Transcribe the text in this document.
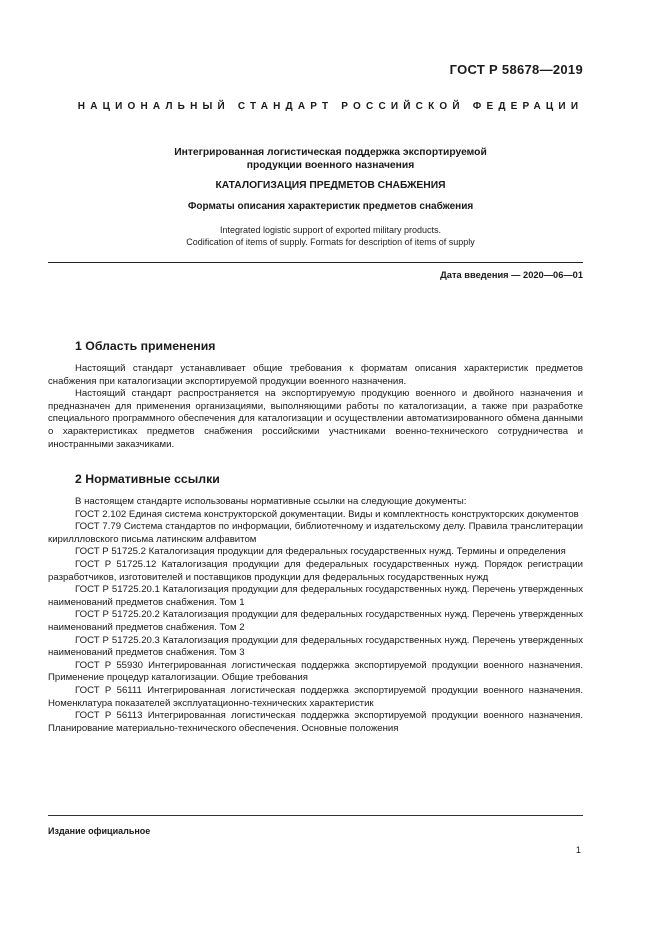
ГОСТ Р 58678—2019
НАЦИОНАЛЬНЫЙ СТАНДАРТ РОССИЙСКОЙ ФЕДЕРАЦИИ
Интегрированная логистическая поддержка экспортируемой
продукции военного назначения
КАТАЛОГИЗАЦИЯ ПРЕДМЕТОВ СНАБЖЕНИЯ
Форматы описания характеристик предметов снабжения
Integrated logistic support of exported military products.
Codification of items of supply. Formats for description of items of supply
Дата введения — 2020—06—01
1 Область применения

Настоящий стандарт устанавливает общие требования к форматам описания характеристик предметов снабжения при каталогизации экспортируемой продукции военного назначения.

Настоящий стандарт распространяется на экспортируемую продукцию военного и двойного назначения и предназначен для применения организациями, выполняющими работы по каталогизации, а также при разработке специального программного обеспечения для каталогизации и осуществлении автоматизированного обмена данными о характеристиках предметов снабжения российскими участниками военно-технического сотрудничества и иностранными заказчиками.

2 Нормативные ссылки

В настоящем стандарте использованы нормативные ссылки на следующие документы:

ГОСТ 2.102 Единая система конструкторской документации. Виды и комплектность конструкторских документов

ГОСТ 7.79 Система стандартов по информации, библиотечному и издательскому делу. Правила транслитерации кириллловского письма латинским алфавитом

ГОСТ Р 51725.2 Каталогизация продукции для федеральных государственных нужд. Термины и определения

ГОСТ Р 51725.12 Каталогизация продукции для федеральных государственных нужд. Порядок регистрации разработчиков, изготовителей и поставщиков продукции для федеральных государственных нужд

ГОСТ Р 51725.20.1 Каталогизация продукции для федеральных государственных нужд. Перечень утвержденных наименований предметов снабжения. Том 1

ГОСТ Р 51725.20.2 Каталогизация продукции для федеральных государственных нужд. Перечень утвержденных наименований предметов снабжения. Том 2

ГОСТ Р 51725.20.3 Каталогизация продукции для федеральных государственных нужд. Перечень утвержденных наименований предметов снабжения. Том 3

ГОСТ Р 55930 Интегрированная логистическая поддержка экспортируемой продукции военного назначения. Применение процедур каталогизации. Общие требования

ГОСТ Р 56111 Интегрированная логистическая поддержка экспортируемой продукции военного назначения. Номенклатура показателей эксплуатационно-технических характеристик

ГОСТ Р 56113 Интегрированная логистическая поддержка экспортируемой продукции военного назначения. Планирование материально-технического обеспечения. Основные положения

Издание официальное
1
